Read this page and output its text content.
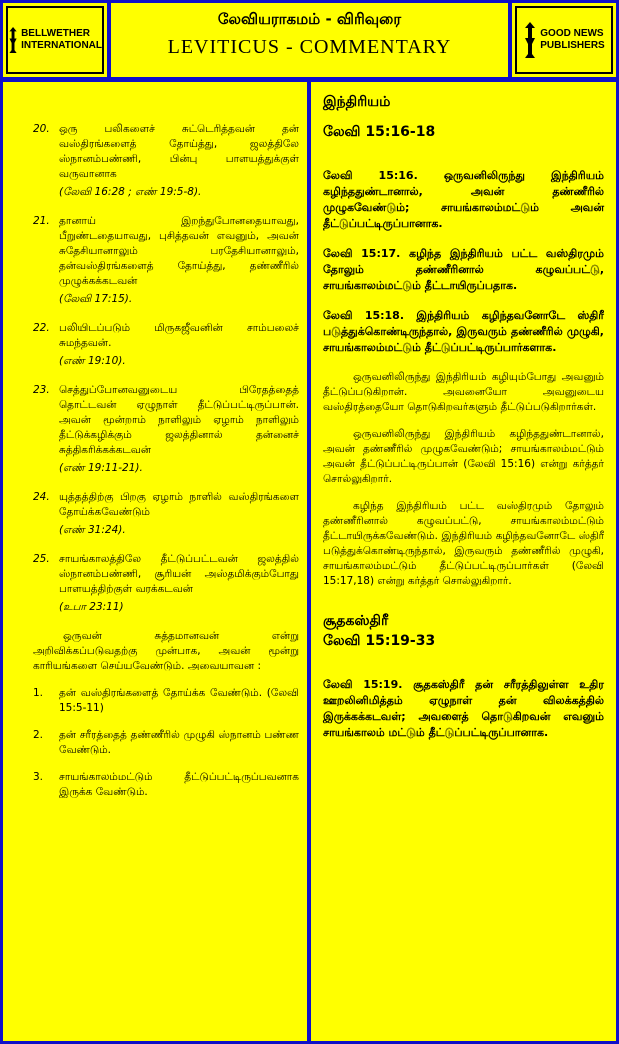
BELLWETHER
INTERNATIONAL
லேவியராகமம் - விரிவுரை
LEVITICUS - COMMENTARY
GOOD NEWS
PUBLISHERS
20. ஒரு பலிகளைச் சுட்டெரித்தவன் தன் வஸ்திரங்களைத் தோய்த்து, ஜலத்திலே ஸ்நானம்பண்ணி, பின்பு பாளயத்துக்குள் வருவானாக
(லேவி 16:28 ; எண் 19:5-8).
21. தானாய் இறந்துபோனதையாவது, பீறுண்டதையாவது, புசித்தவன் எவனும், அவன் சுதேசியானாலும் பரதேசியானாலும், தன்வஸ்திரங்களைத் தோய்த்து, தண்ணீரில் முழுக்கக்கடவன்
(லேவி 17:15).
22. பலியிடப்படும் மிருகஜீவனின் சாம்பலைச் சுமந்தவன்.
(எண் 19:10).
23. செத்துப்போனவனுடைய பிரேதத்தைத் தொட்டவன் ஏழுநாள் தீட்டுப்பட்டிருப்பான். அவன் மூன்றாம் நாளிலும் ஏழாம் நாளிலும் தீட்டுக்கழிக்கும் ஜலத்தினால் தன்னைச் சுத்திகரிக்கக்கடவன்
(எண் 19:11-21).
24. யுத்தத்திற்கு பிறகு ஏழாம் நாளில் வஸ்திரங்களை தோய்க்கவேண்டும்
(எண் 31:24).
25. சாயங்காலத்திலே தீட்டுப்பட்டவன் ஜலத்தில் ஸ்நானம்பண்ணி, சூரியன் அஸ்தமிக்கும்போது பாளயத்திற்குள் வரக்கடவன்
(உபா 23:11)
ஒருவன் சுத்தமானவன் என்று அறிவிக்கப்படுவதற்கு முன்பாக, அவன் மூன்று காரியங்களை செய்யவேண்டும். அவையாவன :
1.	தன் வஸ்திரங்களைத் தோய்க்க வேண்டும். (லேவி 15:5-11)
2.	தன் சரீரத்தைத் தண்ணீரில் முழுகி ஸ்நானம் பண்ண வேண்டும்.
3.	சாயங்காலம்மட்டும் தீட்டுப்பட்டிருப்பவனாக இருக்க வேண்டும்.
இந்திரியம்
லேவி 15:16-18
லேவி 15:16. ஒருவனிலிருந்து இந்திரியம் கழிந்ததுண்டானால், அவன் தண்ணீரில் முழுகவேண்டும்; சாயங்காலம்மட்டும் அவன் தீட்டுப்பட்டிருப்பானாக.
லேவி 15:17. கழிந்த இந்திரியம் பட்ட வஸ்திரமும் தோலும் தண்ணீரினால் கழுவப்பட்டு, சாயங்காலம்மட்டும் தீட்டாயிருப்பதாக.
லேவி 15:18. இந்திரியம் கழிந்தவனோடே ஸ்திரீ படுத்துக்கொண்டிருந்தால், இருவரும் தண்ணீரில் முழுகி, சாயங்காலம்மட்டும் தீட்டுப்பட்டிருப்பார்களாக.
ஒருவனிலிருந்து இந்திரியம் கழியும்போது அவனும் தீட்டுப்படுகிறான். அவனையோ அவனுடைய வஸ்திரத்தையோ தொடுகிறவர்களும் தீட்டுப்படுகிறார்கள்.
ஒருவனிலிருந்து இந்திரியம் கழிந்ததுண்டானால், அவன் தண்ணீரில் முழுகவேண்டும்; சாயங்காலம்மட்டும் அவன் தீட்டுப்பட்டிருப்பான் (லேவி 15:16) என்று கர்த்தர் சொல்லுகிறார்.
கழிந்த இந்திரியம் பட்ட வஸ்திரமும் தோலும் தண்ணீரினால் கழுவப்பட்டு, சாயங்காலம்மட்டும் தீட்டாயிருக்கவேண்டும். இந்திரியம் கழிந்தவனோடே ஸ்திரீ படுத்துக்கொண்டிருந்தால், இருவரும் தண்ணீரில் முழுகி, சாயங்காலம்மட்டும் தீட்டுப்பட்டிருப்பார்கள் (லேவி 15:17,18) என்று கர்த்தர் சொல்லுகிறார்.
சூதகஸ்திரீ
லேவி 15:19-33
லேவி 15:19. சூதகஸ்திரீ தன் சரீரத்திலுள்ள உதிர ஊறலினிமித்தம் ஏழுநாள் தன் விலக்கத்தில் இருக்கக்கடவள்; அவளைத் தொடுகிறவன் எவனும் சாயங்காலம் மட்டும் தீட்டுப்பட்டிருப்பானாக.
